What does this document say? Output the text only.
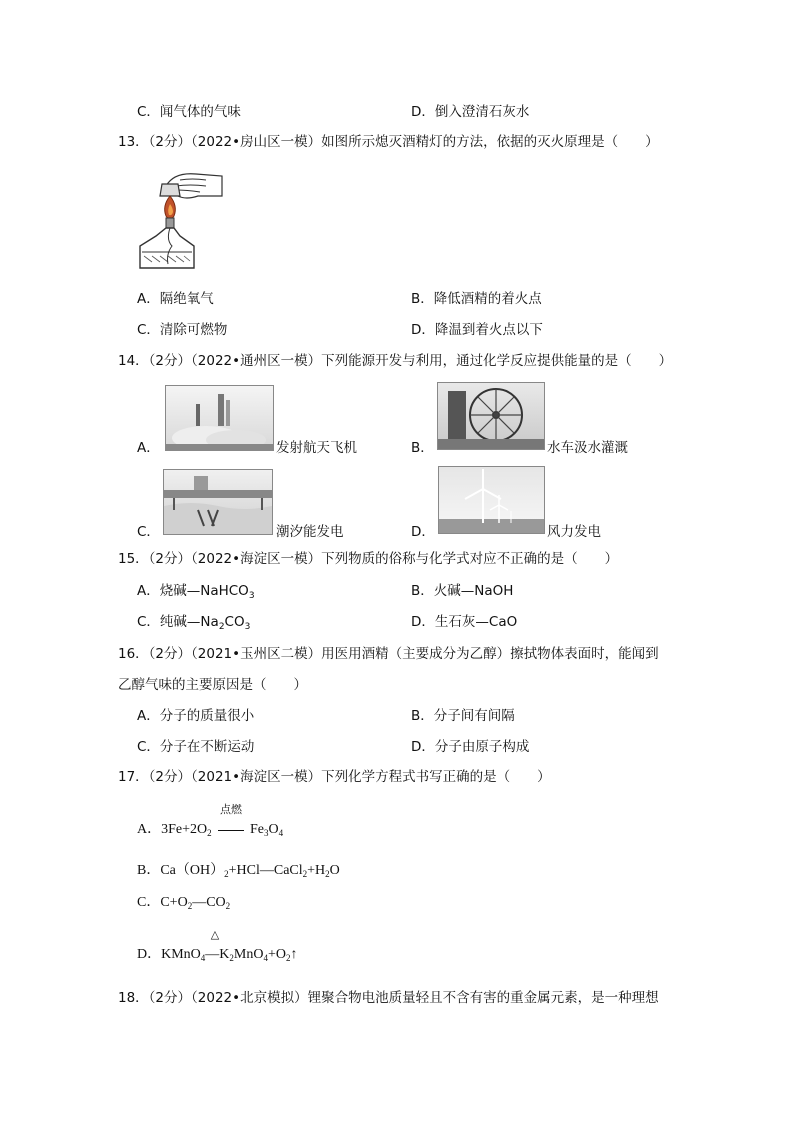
C．闻气体的气味	D．倒入澄清石灰水
13．（2分）（2022•房山区一模）如图所示熄灭酒精灯的方法，依据的灭火原理是（　　）
A．隔绝氧气	B．降低酒精的着火点
C．清除可燃物	D．降温到着火点以下
14．（2分）（2022•通州区一模）下列能源开发与利用，通过化学反应提供能量的是（　　）
A．	发射航天飞机	B．	水车汲水灌溉
C．	潮汐能发电	D．	风力发电
15．（2分）（2022•海淀区一模）下列物质的俗称与化学式对应不正确的是（　　）
A．烧碱—NaHCO$_3$	B．火碱—NaOH
C．纯碱$—Na_2CO_3$	D．生石灰—CaO
16．（2分）（2021•玉州区二模）用医用酒精（主要成分为乙醇）擦拭物体表面时，能闻到
乙醇气味的主要原因是（　　）
A．分子的质量很小	B．分子间有间隔
C．分子在不断运动	D．分子由原子构成
17．（2分）（2021•海淀区一模）下列化学方程式书写正确的是（　　）
点燃
A．$3Fe+2O_2$	$Fe_3O_4$
B．$Ca(OH)_2+HCl—CaCl_2+H_2O$
C．$C+O_2—CO_2$
△
D．$KMnO_4—K_2MnO_4+O_2↑$
18．（2分）（2022•北京模拟）锂聚合物电池质量轻且不含有害的重金属元素，是一种理想
